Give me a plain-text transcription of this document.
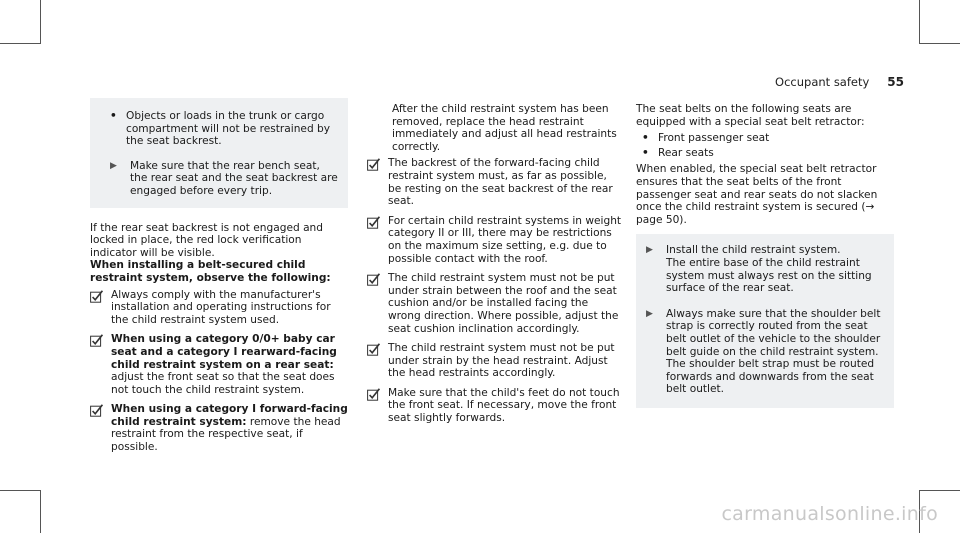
Occupant safety 55
• Objects or loads in the trunk or cargo compartment will not be restrained by the seat backrest.
▶ Make sure that the rear bench seat, the rear seat and the seat backrest are engaged before every trip.

If the rear seat backrest is not engaged and locked in place, the red lock verification indicator will be visible.

When installing a belt-secured child restraint system, observe the following:

Always comply with the manufacturer's installation and operating instructions for the child restraint system used.
When using a category 0/0+ baby car seat and a category I rearward-facing child restraint system on a rear seat: adjust the front seat so that the seat does not touch the child restraint system.
When using a category I forward-facing child restraint system: remove the head restraint from the respective seat, if possible.

After the child restraint system has been removed, replace the head restraint immediately and adjust all head restraints correctly.

The backrest of the forward-facing child restraint system must, as far as possible, be resting on the seat backrest of the rear seat.
For certain child restraint systems in weight category II or III, there may be restrictions on the maximum size setting, e.g. due to possible contact with the roof.
The child restraint system must not be put under strain between the roof and the seat cushion and/or be installed facing the wrong direction. Where possible, adjust the seat cushion inclination accordingly.
The child restraint system must not be put under strain by the head restraint. Adjust the head restraints accordingly.
Make sure that the child's feet do not touch the front seat. If necessary, move the front seat slightly forwards.

The seat belts on the following seats are equipped with a special seat belt retractor:

• Front passenger seat
• Rear seats

When enabled, the special seat belt retractor ensures that the seat belts of the front passenger seat and rear seats do not slacken once the child restraint system is secured (→ page 50).

▶ Install the child restraint system.
The entire base of the child restraint system must always rest on the sitting surface of the rear seat.
▶ Always make sure that the shoulder belt strap is correctly routed from the seat belt outlet of the vehicle to the shoulder belt guide on the child restraint system.
The shoulder belt strap must be routed forwards and downwards from the seat belt outlet.
carmanualsonline.info
